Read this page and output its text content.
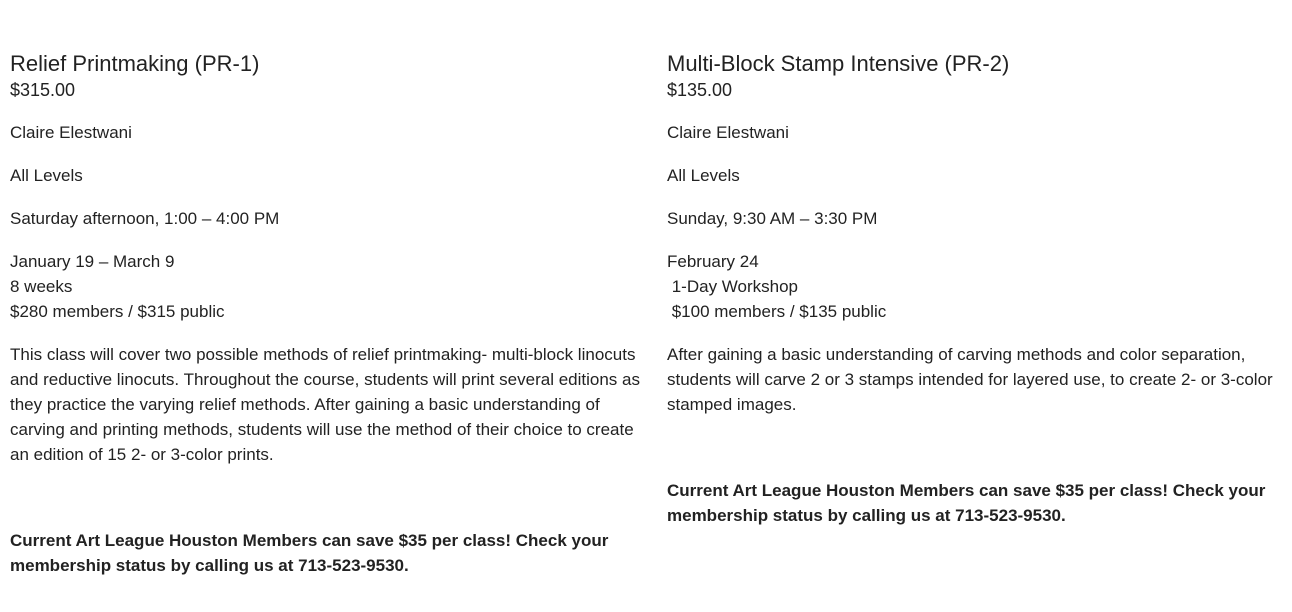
Relief Printmaking (PR-1)

$315.00

Claire Elestwani

All Levels

Saturday afternoon, 1:00 – 4:00 PM

January 19 – March 9

8 weeks

$280 members / $315 public

This class will cover two possible methods of relief printmaking- multi-block linocuts and reductive linocuts. Throughout the course, students will print several editions as they practice the varying relief methods. After gaining a basic understanding of carving and printing methods, students will use the method of their choice to create an edition of 15 2- or 3-color prints.

Current Art League Houston Members can save $35 per class! Check your membership status by calling us at 713-523-9530.

Multi-Block Stamp Intensive (PR-2)

$135.00

Claire Elestwani

All Levels

Sunday, 9:30 AM – 3:30 PM

February 24

1-Day Workshop

$100 members / $135 public

After gaining a basic understanding of carving methods and color separation, students will carve 2 or 3 stamps intended for layered use, to create 2- or 3-color stamped images.

Current Art League Houston Members can save $35 per class! Check your membership status by calling us at 713-523-9530.
